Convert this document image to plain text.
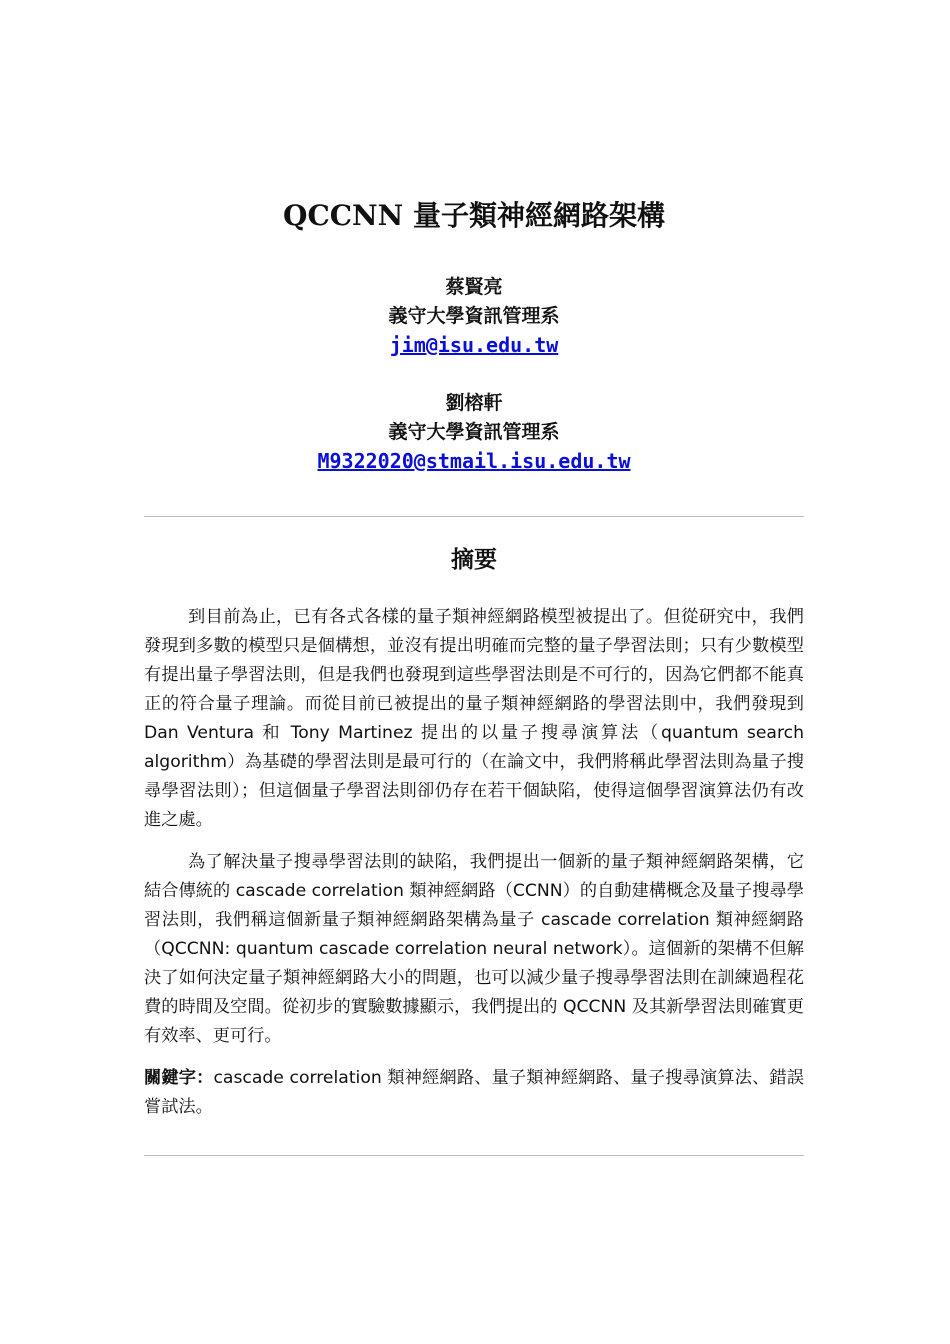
QCCNN 量子類神經網路架構
蔡賢亮
義守大學資訊管理系
jim@isu.edu.tw
劉榕軒
義守大學資訊管理系
M9322020@stmail.isu.edu.tw
摘要
到目前為止，已有各式各樣的量子類神經網路模型被提出了。但從研究中，我們發現到多數的模型只是個構想，並沒有提出明確而完整的量子學習法則；只有少數模型有提出量子學習法則，但是我們也發現到這些學習法則是不可行的，因為它們都不能真正的符合量子理論。而從目前已被提出的量子類神經網路的學習法則中，我們發現到 Dan Ventura 和 Tony Martinez 提出的以量子搜尋演算法（quantum search algorithm）為基礎的學習法則是最可行的（在論文中，我們將稱此學習法則為量子搜尋學習法則）；但這個量子學習法則卻仍存在若干個缺陷，使得這個學習演算法仍有改進之處。
為了解決量子搜尋學習法則的缺陷，我們提出一個新的量子類神經網路架構，它結合傳統的 cascade correlation 類神經網路（CCNN）的自動建構概念及量子搜尋學習法則，我們稱這個新量子類神經網路架構為量子 cascade correlation 類神經網路（QCCNN: quantum cascade correlation neural network）。這個新的架構不但解決了如何決定量子類神經網路大小的問題，也可以減少量子搜尋學習法則在訓練過程花費的時間及空間。從初步的實驗數據顯示，我們提出的 QCCNN 及其新學習法則確實更有效率、更可行。
關鍵字：cascade correlation 類神經網路、量子類神經網路、量子搜尋演算法、錯誤嘗試法。
